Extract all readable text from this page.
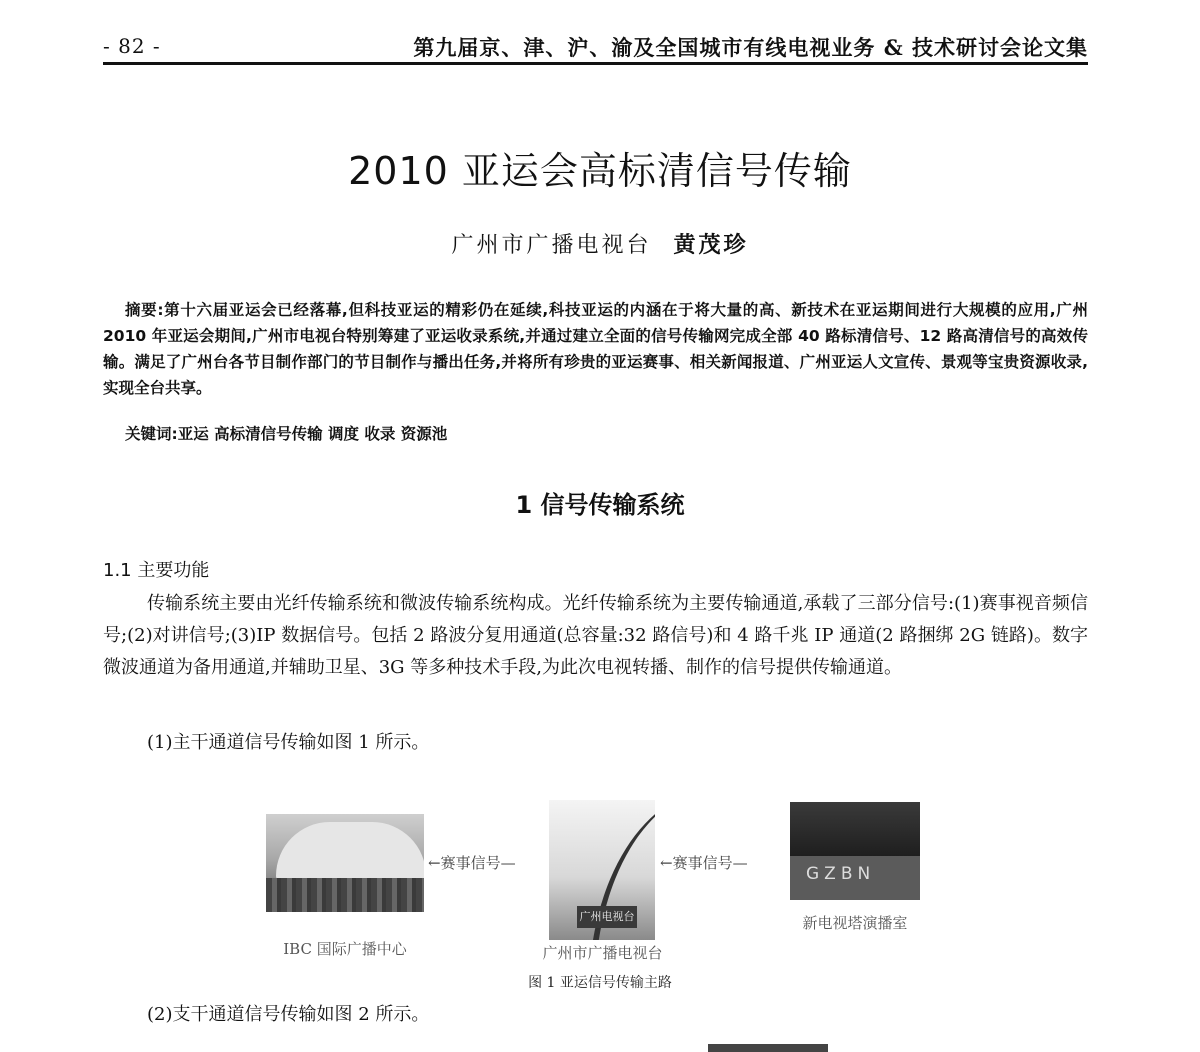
- 82 -	第九届京、津、沪、渝及全国城市有线电视业务 & 技术研讨会论文集
2010 亚运会高标清信号传输
广州市广播电视台 黄茂珍
摘要:第十六届亚运会已经落幕,但科技亚运的精彩仍在延续,科技亚运的内涵在于将大量的高、新技术在亚运期间进行大规模的应用,广州 2010 年亚运会期间,广州市电视台特别筹建了亚运收录系统,并通过建立全面的信号传输网完成全部 40 路标清信号、12 路高清信号的高效传输。满足了广州台各节目制作部门的节目制作与播出任务,并将所有珍贵的亚运赛事、相关新闻报道、广州亚运人文宣传、景观等宝贵资源收录,实现全台共享。
关键词:亚运 高标清信号传输 调度 收录 资源池
1 信号传输系统
1.1 主要功能
传输系统主要由光纤传输系统和微波传输系统构成。光纤传输系统为主要传输通道,承载了三部分信号:(1)赛事视音频信号;(2)对讲信号;(3)IP 数据信号。包括 2 路波分复用通道(总容量:32 路信号)和 4 路千兆 IP 通道(2 路捆绑 2G 链路)。数字微波通道为备用通道,并辅助卫星、3G 等多种技术手段,为此次电视转播、制作的信号提供传输通道。
(1)主干通道信号传输如图 1 所示。
←赛事信号—
广州电视台
←赛事信号—
GZBN
IBC 国际广播中心	广州市广播电视台
新电视塔演播室
图 1 亚运信号传输主路
(2)支干通道信号传输如图 2 所示。
